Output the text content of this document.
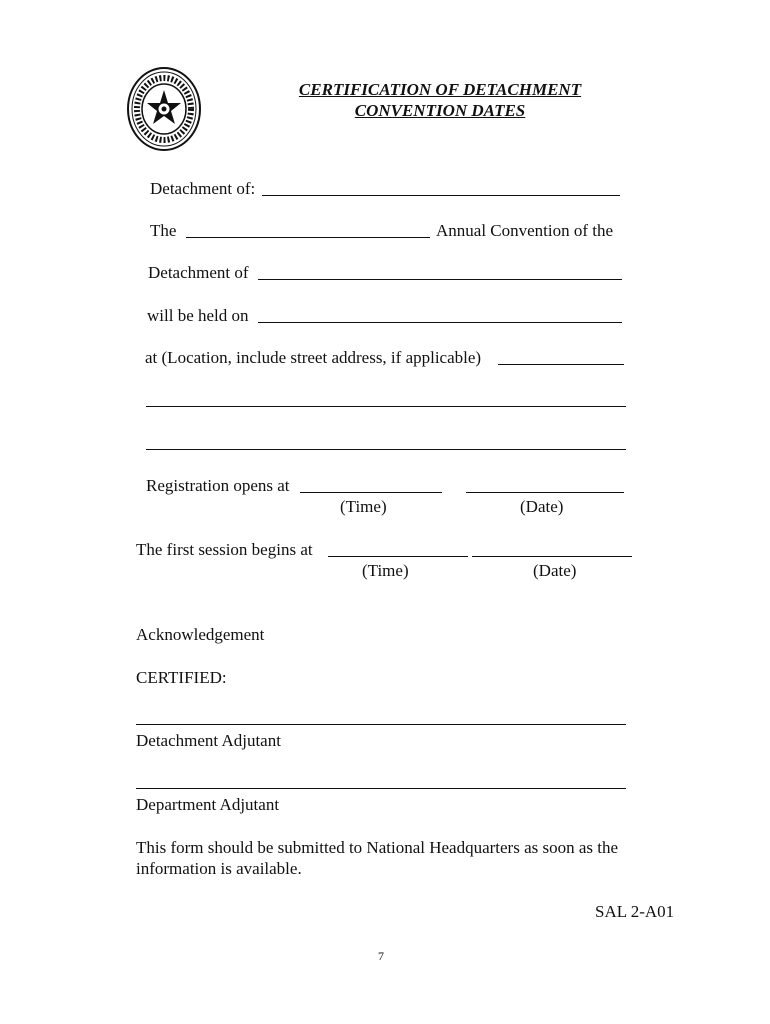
CERTIFICATION OF DETACHMENT
CONVENTION DATES
Detachment of:
The	Annual Convention of the
Detachment of
will be held on
at (Location, include street address, if applicable)
Registration opens at
(Time)	(Date)
The first session begins at
(Time)	(Date)
Acknowledgement
CERTIFIED:
Detachment Adjutant
Department Adjutant
This form should be submitted to National Headquarters as soon as the
information is available.
SAL 2-A01
7
